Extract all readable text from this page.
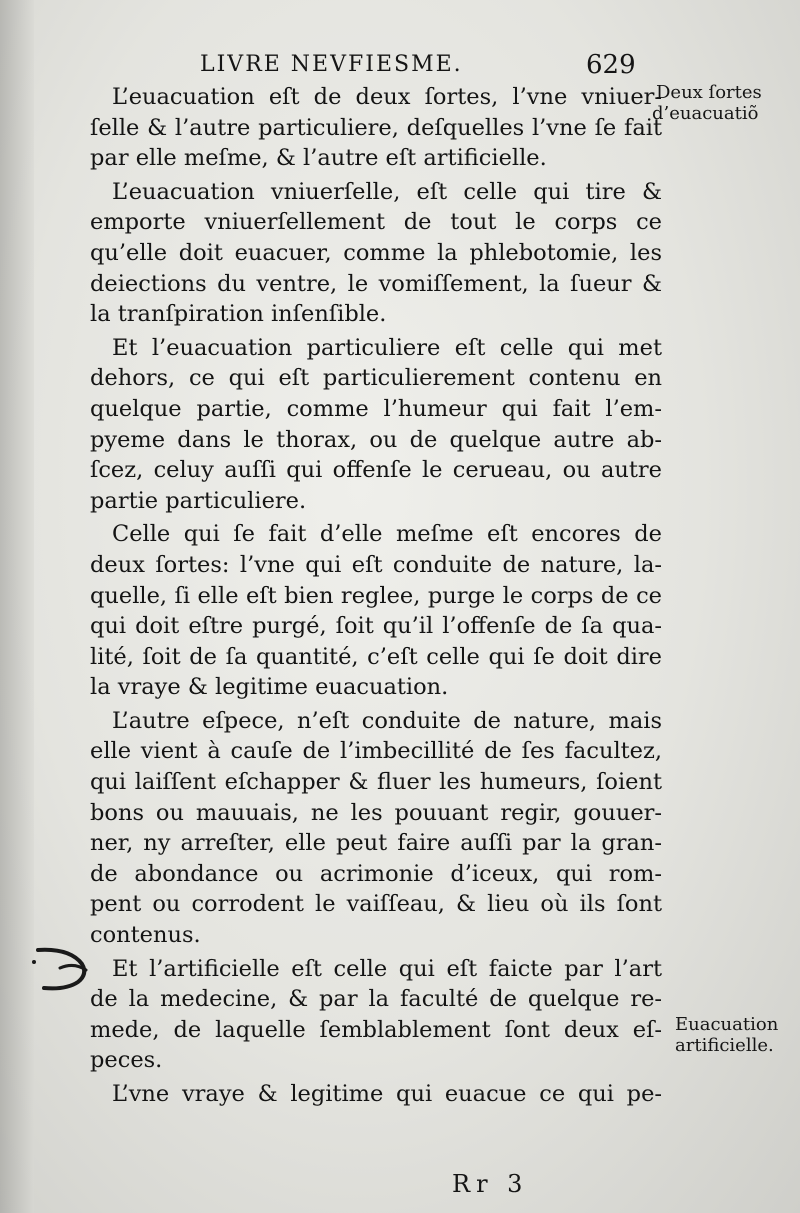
LIVRE NEVFIESME.	629
L’euacuation eſt de deux ſortes, l’vne vniuer-
ſelle & l’autre particuliere, deſquelles l’vne ſe fait
par elle meſme, & l’autre eſt artificielle.
L’euacuation vniuerſelle, eſt celle qui tire &
emporte vniuerſellement de tout le corps ce
qu’elle doit euacuer, comme la phlebotomie, les
deiections du ventre, le vomiſſement, la ſueur &
la tranſpiration inſenſible.
Et l’euacuation particuliere eſt celle qui met
dehors, ce qui eſt particulierement contenu en
quelque partie, comme l’humeur qui fait l’em-
pyeme dans le thorax, ou de quelque autre ab-
ſcez, celuy auſſi qui offenſe le cerueau, ou autre
partie particuliere.
Celle qui ſe fait d’elle meſme eſt encores de
deux ſortes: l’vne qui eſt conduite de nature, la-
quelle, ſi elle eſt bien reglee, purge le corps de ce
qui doit eſtre purgé, ſoit qu’il l’offenſe de ſa qua-
lité, ſoit de ſa quantité, c’eſt celle qui ſe doit dire
la vraye & legitime euacuation.
L’autre eſpece, n’eſt conduite de nature, mais
elle vient à cauſe de l’imbecillité de ſes facultez,
qui laiſſent eſchapper & fluer les humeurs, ſoient
bons ou mauuais, ne les pouuant regir, gouuer-
ner, ny arreſter, elle peut faire auſſi par la gran-
de abondance ou acrimonie d’iceux, qui rom-
pent ou corrodent le vaiſſeau, & lieu où ils ſont
contenus.
Et l’artificielle eſt celle qui eſt faicte par l’art
de la medecine, & par la faculté de quelque re-
mede, de laquelle ſemblablement ſont deux eſ-
peces.
L’vne vraye & legitime qui euacue ce qui pe-
Deux ſortes
d’euacuatiõ
Euacuation
artificielle.
Rr 3
